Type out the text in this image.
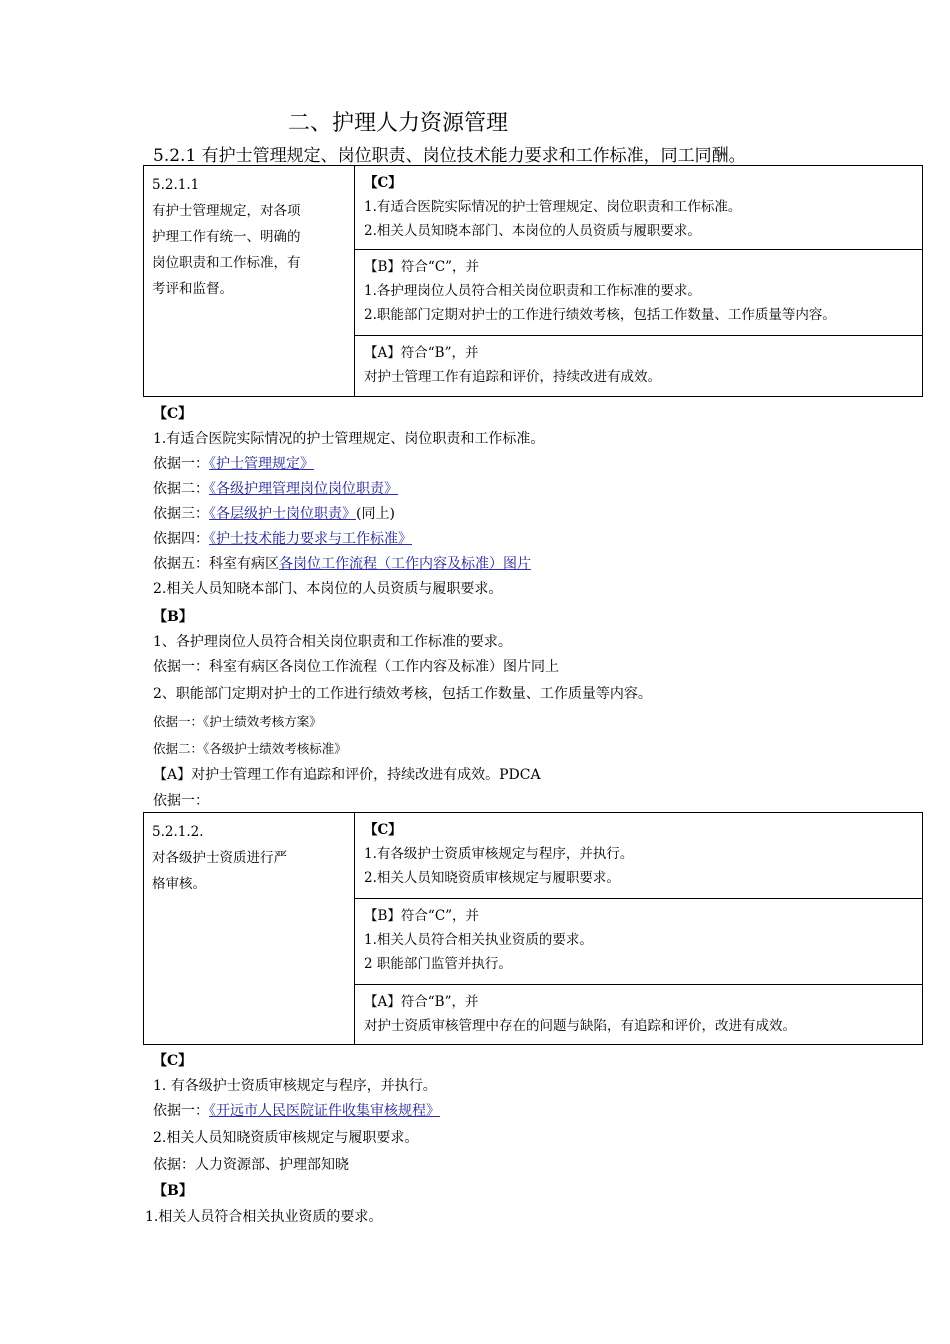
二、护理人力资源管理
5.2.1 有护士管理规定、岗位职责、岗位技术能力要求和工作标准，同工同酬。
5.2.1.1
有护士管理规定，对各项
护理工作有统一、明确的
岗位职责和工作标准，有
考评和监督。

【C】
1.有适合医院实际情况的护士管理规定、岗位职责和工作标准。
2.相关人员知晓本部门、本岗位的人员资质与履职要求。
【B】符合“C”，并
1.各护理岗位人员符合相关岗位职责和工作标准的要求。
2.职能部门定期对护士的工作进行绩效考核，包括工作数量、工作质量等内容。
【A】符合“B”，并
对护士管理工作有追踪和评价，持续改进有成效。
【C】
1.有适合医院实际情况的护士管理规定、岗位职责和工作标准。
依据一：《护士管理规定》
依据二：《各级护理管理岗位岗位职责》
依据三：《各层级护士岗位职责》(同上)
依据四：《护士技术能力要求与工作标准》
依据五：科室有病区各岗位工作流程（工作内容及标准）图片
2.相关人员知晓本部门、本岗位的人员资质与履职要求。
【B】
1、各护理岗位人员符合相关岗位职责和工作标准的要求。
依据一：科室有病区各岗位工作流程（工作内容及标准）图片同上
2、职能部门定期对护士的工作进行绩效考核，包括工作数量、工作质量等内容。
依据一：《护士绩效考核方案》
依据二：《各级护士绩效考核标准》
【A】对护士管理工作有追踪和评价，持续改进有成效。PDCA
依据一：
5.2.1.2.
对各级护士资质进行严
格审核。

【C】
1.有各级护士资质审核规定与程序，并执行。
2.相关人员知晓资质审核规定与履职要求。
【B】符合“C”，并
1.相关人员符合相关执业资质的要求。
2 职能部门监管并执行。
【A】符合“B”，并
对护士资质审核管理中存在的问题与缺陷，有追踪和评价，改进有成效。
【C】
1. 有各级护士资质审核规定与程序，并执行。
依据一：《开远市人民医院证件收集审核规程》
2.相关人员知晓资质审核规定与履职要求。
依据：人力资源部、护理部知晓
【B】
1.相关人员符合相关执业资质的要求。
